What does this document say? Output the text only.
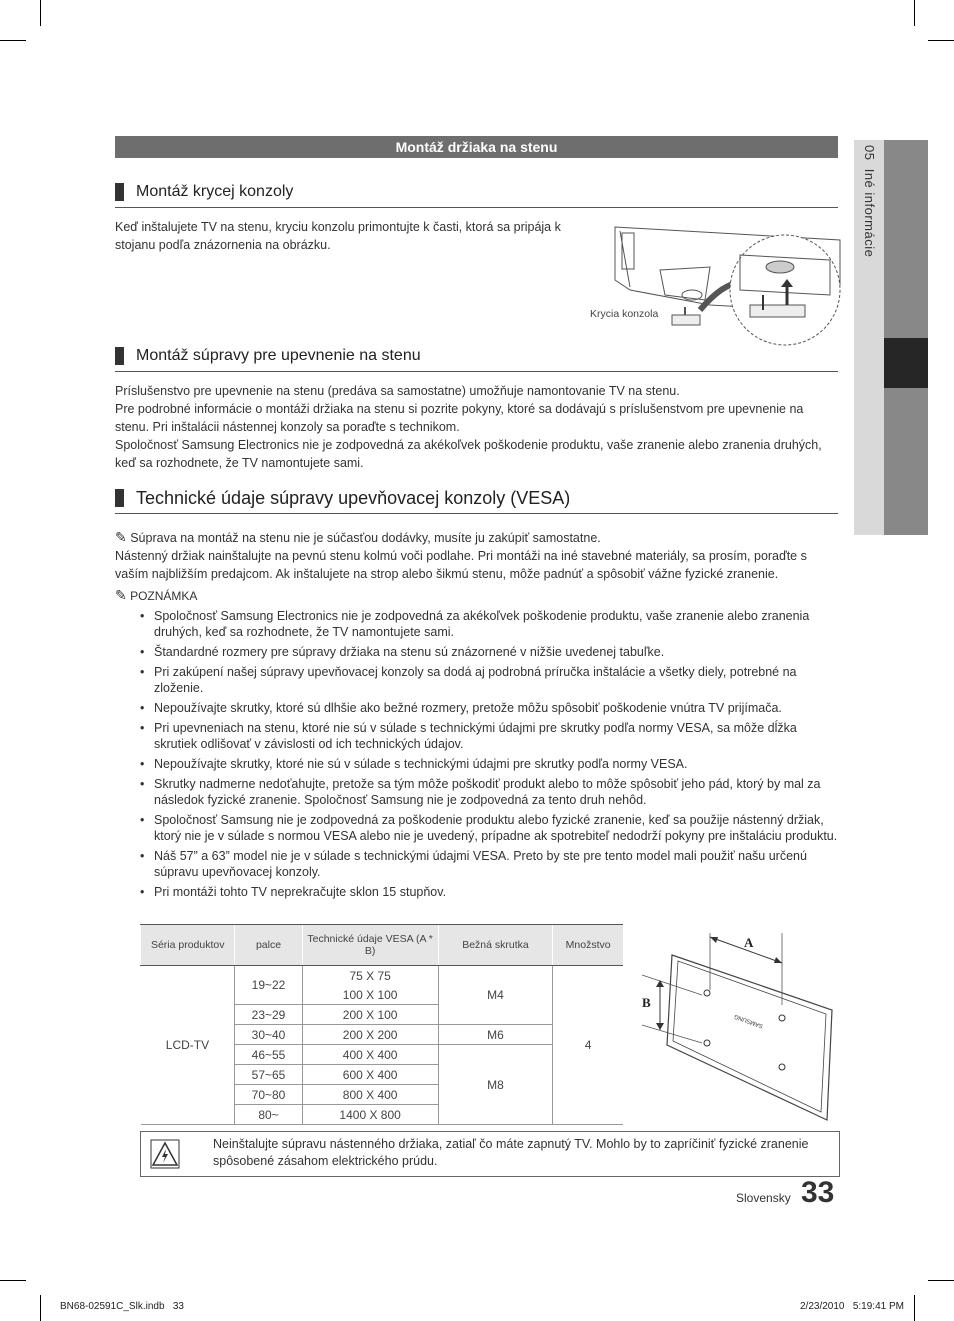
05  Iné informácie
Montáž držiaka na stenu
Montáž krycej konzoly
Keď inštalujete TV na stenu, kryciu konzolu primontujte k časti, ktorá sa pripája k stojanu podľa znázornenia na obrázku.
Krycia konzola
Montáž súpravy pre upevnenie na stenu
Príslušenstvo pre upevnenie na stenu (predáva sa samostatne) umožňuje namontovanie TV na stenu.
Pre podrobné informácie o montáži držiaka na stenu si pozrite pokyny, ktoré sa dodávajú s príslušenstvom pre upevnenie na stenu. Pri inštalácii nástennej konzoly sa poraďte s technikom.
Spoločnosť Samsung Electronics nie je zodpovedná za akékoľvek poškodenie produktu, vaše zranenie alebo zranenia druhých, keď sa rozhodnete, že TV namontujete sami.
Technické údaje súpravy upevňovacej konzoly (VESA)
✎ Súprava na montáž na stenu nie je súčasťou dodávky, musíte ju zakúpiť samostatne.
Nástenný držiak nainštalujte na pevnú stenu kolmú voči podlahe. Pri montáži na iné stavebné materiály, sa prosím, poraďte s vaším najbližším predajcom. Ak inštalujete na strop alebo šikmú stenu, môže padnúť a spôsobiť vážne fyzické zranenie.
✎ POZNÁMKA
• Spoločnosť Samsung Electronics nie je zodpovedná za akékoľvek poškodenie produktu, vaše zranenie alebo zranenia druhých, keď sa rozhodnete, že TV namontujete sami.
• Štandardné rozmery pre súpravy držiaka na stenu sú znázornené v nižšie uvedenej tabuľke.
• Pri zakúpení našej súpravy upevňovacej konzoly sa dodá aj podrobná príručka inštalácie a všetky diely, potrebné na zloženie.
• Nepoužívajte skrutky, ktoré sú dlhšie ako bežné rozmery, pretože môžu spôsobiť poškodenie vnútra TV prijímača.
• Pri upevneniach na stenu, ktoré nie sú v súlade s technickými údajmi pre skrutky podľa normy VESA, sa môže dĺžka skrutiek odlišovať v závislosti od ich technických údajov.
• Nepoužívajte skrutky, ktoré nie sú v súlade s technickými údajmi pre skrutky podľa normy VESA.
• Skrutky nadmerne nedoťahujte, pretože sa tým môže poškodiť produkt alebo to môže spôsobiť jeho pád, ktorý by mal za následok fyzické zranenie. Spoločnosť Samsung nie je zodpovedná za tento druh nehôd.
• Spoločnosť Samsung nie je zodpovedná za poškodenie produktu alebo fyzické zranenie, keď sa použije nástenný držiak, ktorý nie je v súlade s normou VESA alebo nie je uvedený, prípadne ak spotrebiteľ nedodrží pokyny pre inštaláciu produktu.
• Náš 57” a 63” model nie je v súlade s technickými údajmi VESA. Preto by ste pre tento model mali použiť našu určenú súpravu upevňovacej konzoly.
• Pri montáži tohto TV neprekračujte sklon 15 stupňov.
Séria produktov	palce	Technické údaje VESA (A * B)	Bežná skrutka	Množstvo
LCD-TV	19~22	75 X 75	M4	4
		100 X 100		
	23~29	200 X 100		
	30~40	200 X 200	M6	
	46~55	400 X 400	M8	
	57~65	600 X 400		
	70~80	800 X 400		
	80~	1400 X 800		
A
B
SAMSUNG
Neinštalujte súpravu nástenného držiaka, zatiaľ čo máte zapnutý TV. Mohlo by to zapríčiniť fyzické zranenie spôsobené zásahom elektrického prúdu.
Slovensky 33
BN68-02591C_Slk.indb   33	2/23/2010   5:19:41 PM
